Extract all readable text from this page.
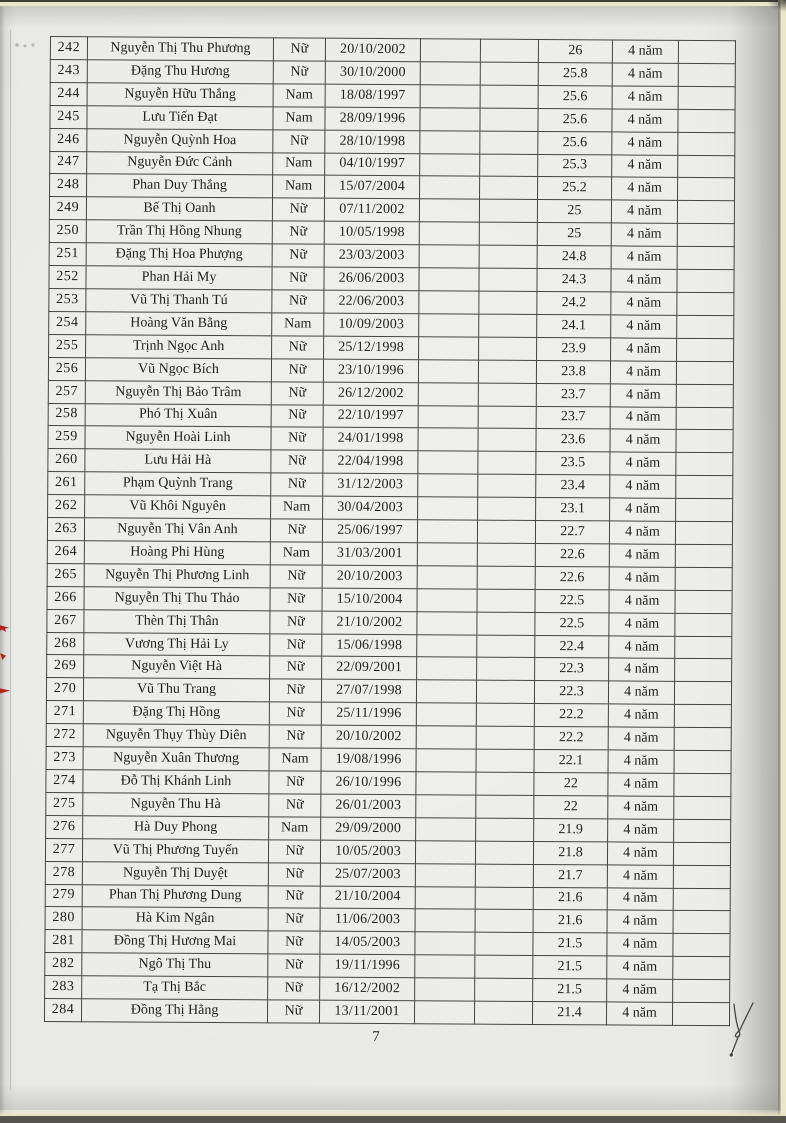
242	Nguyễn Thị Thu Phương	Nữ	20/10/2002			26	4 năm	
243	Đặng Thu Hương	Nữ	30/10/2000			25.8	4 năm	
244	Nguyễn Hữu Thắng	Nam	18/08/1997			25.6	4 năm	
245	Lưu Tiến Đạt	Nam	28/09/1996			25.6	4 năm	
246	Nguyễn Quỳnh Hoa	Nữ	28/10/1998			25.6	4 năm	
247	Nguyễn Đức Cảnh	Nam	04/10/1997			25.3	4 năm	
248	Phan Duy Thắng	Nam	15/07/2004			25.2	4 năm	
249	Bế Thị Oanh	Nữ	07/11/2002			25	4 năm	
250	Trần Thị Hồng Nhung	Nữ	10/05/1998			25	4 năm	
251	Đặng Thị Hoa Phượng	Nữ	23/03/2003			24.8	4 năm	
252	Phan Hải My	Nữ	26/06/2003			24.3	4 năm	
253	Vũ Thị Thanh Tú	Nữ	22/06/2003			24.2	4 năm	
254	Hoàng Văn Bằng	Nam	10/09/2003			24.1	4 năm	
255	Trịnh Ngọc Anh	Nữ	25/12/1998			23.9	4 năm	
256	Vũ Ngọc Bích	Nữ	23/10/1996			23.8	4 năm	
257	Nguyễn Thị Bảo Trâm	Nữ	26/12/2002			23.7	4 năm	
258	Phó Thị Xuân	Nữ	22/10/1997			23.7	4 năm	
259	Nguyễn Hoài Linh	Nữ	24/01/1998			23.6	4 năm	
260	Lưu Hải Hà	Nữ	22/04/1998			23.5	4 năm	
261	Phạm Quỳnh Trang	Nữ	31/12/2003			23.4	4 năm	
262	Vũ Khôi Nguyên	Nam	30/04/2003			23.1	4 năm	
263	Nguyễn Thị Vân Anh	Nữ	25/06/1997			22.7	4 năm	
264	Hoàng Phi Hùng	Nam	31/03/2001			22.6	4 năm	
265	Nguyễn Thị Phương Linh	Nữ	20/10/2003			22.6	4 năm	
266	Nguyễn Thị Thu Thảo	Nữ	15/10/2004			22.5	4 năm	
267	Thèn Thị Thân	Nữ	21/10/2002			22.5	4 năm	
268	Vương Thị Hải Ly	Nữ	15/06/1998			22.4	4 năm	
269	Nguyễn Việt Hà	Nữ	22/09/2001			22.3	4 năm	
270	Vũ Thu Trang	Nữ	27/07/1998			22.3	4 năm	
271	Đặng Thị Hồng	Nữ	25/11/1996			22.2	4 năm	
272	Nguyễn Thụy Thùy Diên	Nữ	20/10/2002			22.2	4 năm	
273	Nguyễn Xuân Thương	Nam	19/08/1996			22.1	4 năm	
274	Đỗ Thị Khánh Linh	Nữ	26/10/1996			22	4 năm	
275	Nguyễn Thu Hà	Nữ	26/01/2003			22	4 năm	
276	Hà Duy Phong	Nam	29/09/2000			21.9	4 năm	
277	Vũ Thị Phương Tuyến	Nữ	10/05/2003			21.8	4 năm	
278	Nguyễn Thị Duyệt	Nữ	25/07/2003			21.7	4 năm	
279	Phan Thị Phương Dung	Nữ	21/10/2004			21.6	4 năm	
280	Hà Kim Ngân	Nữ	11/06/2003			21.6	4 năm	
281	Đồng Thị Hương Mai	Nữ	14/05/2003			21.5	4 năm	
282	Ngô Thị Thu	Nữ	19/11/1996			21.5	4 năm	
283	Tạ Thị Bắc	Nữ	16/12/2002			21.5	4 năm	
284	Đồng Thị Hằng	Nữ	13/11/2001			21.4	4 năm	
7
